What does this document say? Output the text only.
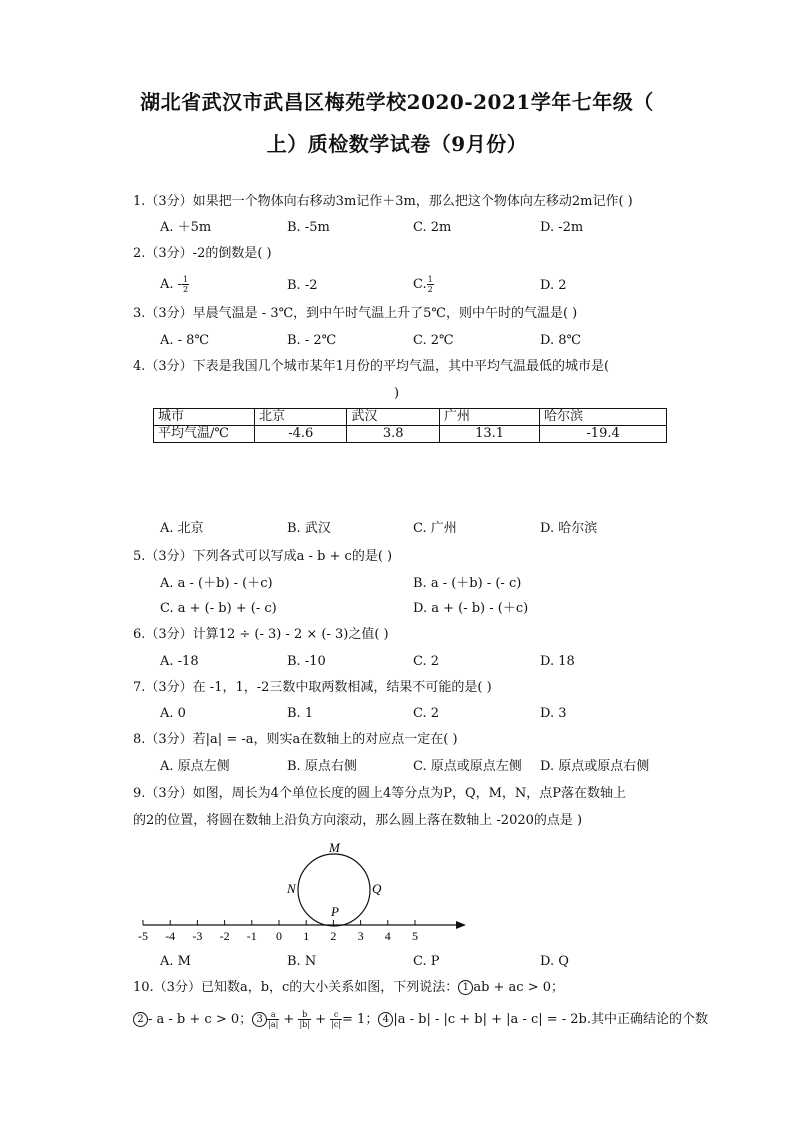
湖北省武汉市武昌区梅苑学校2020-2021学年七年级（
上）质检数学试卷（9月份）
1.（3分）如果把一个物体向右移动3m记作＋3m，那么把这个物体向左移动2m记作( )
A. ＋5m	B. -5m	C. 2m	D. -2m
2.（3分）-2的倒数是( )
A. - $\frac{1}{2}$	B. -2	C. $\frac{1}{2}$	D. 2
3.（3分）早晨气温是 - 3℃，到中午时气温上升了5℃，则中午时的气温是( )
A. - 8℃	B. - 2℃	C. 2℃	D. 8℃
4.（3分）下表是我国几个城市某年1月份的平均气温，其中平均气温最低的城市是(
)
城市	北京	武汉	广州	哈尔滨
平均气温/℃	-4.6	3.8	13.1	-19.4
A. 北京	B. 武汉	C. 广州	D. 哈尔滨
5.（3分）下列各式可以写成a - b + c的是( )
A. a - (＋b) - (＋c)	B. a - (＋b) - (- c)
C. a + (- b) + (- c)	D. a + (- b) - (＋c)
6.（3分）计算12 ÷ (- 3) - 2 × (- 3)之值( )
A. -18	B. -10	C. 2	D. 18
7.（3分）在 -1，1，-2三数中取两数相减，结果不可能的是( )
A. 0	B. 1	C. 2	D. 3
8.（3分）若|a| = -a，则实a在数轴上的对应点一定在( )
A. 原点左侧	B. 原点右侧	C. 原点或原点左侧 D. 原点或原点右侧
9.（3分）如图，周长为4个单位长度的圆上4等分点为P，Q，M，N，点P落在数轴上
的2的位置，将圆在数轴上沿负方向滚动，那么圆上落在数轴上 -2020的点是 )
-5 -4 -3 -2 -1 0 1 2 3 4 5
M
N	Q
P
A. M	B. N	C. P	D. Q
10.（3分）已知数a，b，c的大小关系如图，下列说法： 1 ab + ac > 0；
2 - a - b + c > 0； $3 \frac{a}{|a|} + \frac{b}{|b|} + \frac{c}{|c|} = 1$； 4 |a - b| - |c + b| + |a - c| = - 2b.其中正确结论的个数
